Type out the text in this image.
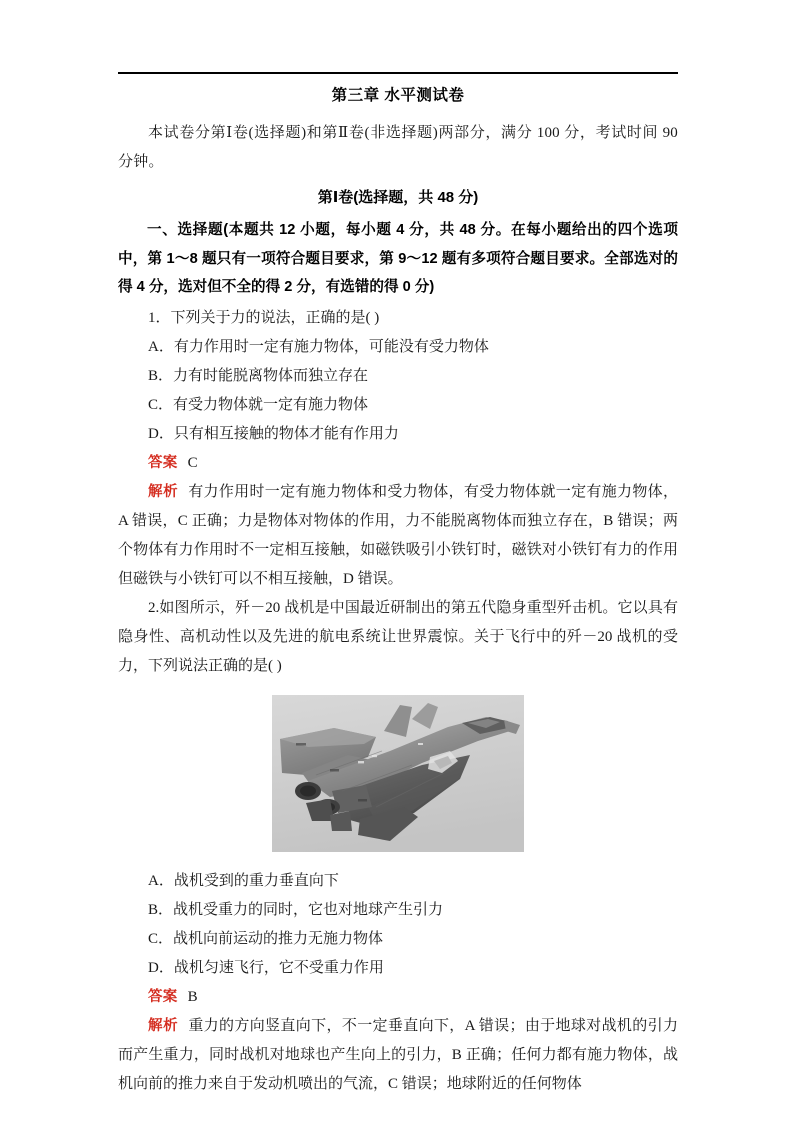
第三章 水平测试卷

本试卷分第Ⅰ卷(选择题)和第Ⅱ卷(非选择题)两部分，满分 100 分，考试时间 90 分钟。

第Ⅰ卷(选择题，共 48 分)

一、选择题(本题共 12 小题，每小题 4 分，共 48 分。在每小题给出的四个选项中，第 1～8 题只有一项符合题目要求，第 9～12 题有多项符合题目要求。全部选对的得 4 分，选对但不全的得 2 分，有选错的得 0 分)

1．下列关于力的说法，正确的是( )

A．有力作用时一定有施力物体，可能没有受力物体

B．力有时能脱离物体而独立存在

C．有受力物体就一定有施力物体

D．只有相互接触的物体才能有作用力

答案 C

解析 有力作用时一定有施力物体和受力物体，有受力物体就一定有施力物体，A 错误，C 正确；力是物体对物体的作用，力不能脱离物体而独立存在，B 错误；两个物体有力作用时不一定相互接触，如磁铁吸引小铁钉时，磁铁对小铁钉有力的作用但磁铁与小铁钉可以不相互接触，D 错误。

2.如图所示，歼－20 战机是中国最近研制出的第五代隐身重型歼击机。它以具有隐身性、高机动性以及先进的航电系统让世界震惊。关于飞行中的歼－20 战机的受力，下列说法正确的是( )

A．战机受到的重力垂直向下

B．战机受重力的同时，它也对地球产生引力

C．战机向前运动的推力无施力物体

D．战机匀速飞行，它不受重力作用

答案 B

解析 重力的方向竖直向下，不一定垂直向下，A 错误；由于地球对战机的引力而产生重力，同时战机对地球也产生向上的引力，B 正确；任何力都有施力物体，战机向前的推力来自于发动机喷出的气流，C 错误；地球附近的任何物体
